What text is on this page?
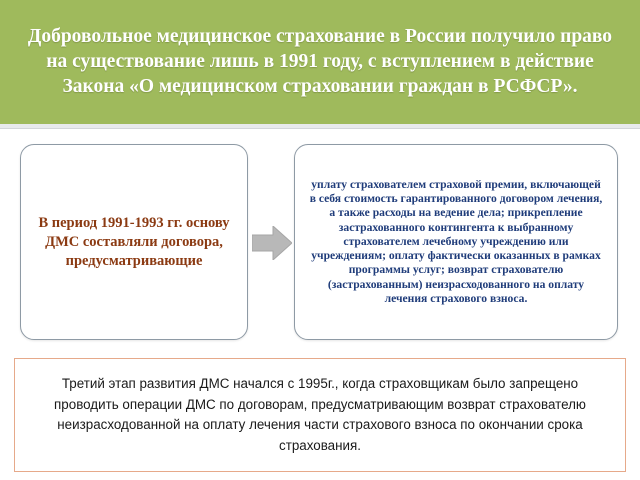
Добровольное медицинское страхование в России получило право на существование лишь в 1991 году, с вступлением в действие Закона «О медицинском страховании граждан в РСФСР».
В период 1991-1993 гг. основу ДМС составляли договора, предусматривающие
уплату страхователем страховой премии, включающей в себя стоимость гарантированного договором лечения, а также расходы на ведение дела; прикрепление застрахованного контингента к выбранному страхователем лечебному учреждению или учреждениям; оплату фактически оказанных в рамках программы услуг; возврат страхователю (застрахованным) неизрасходованного на оплату лечения страхового взноса.
Третий этап развития ДМС начался с 1995г., когда страховщикам было запрещено проводить операции ДМС по договорам, предусматривающим возврат страхователю неизрасходованной на оплату лечения части страхового взноса по окончании срока страхования.
